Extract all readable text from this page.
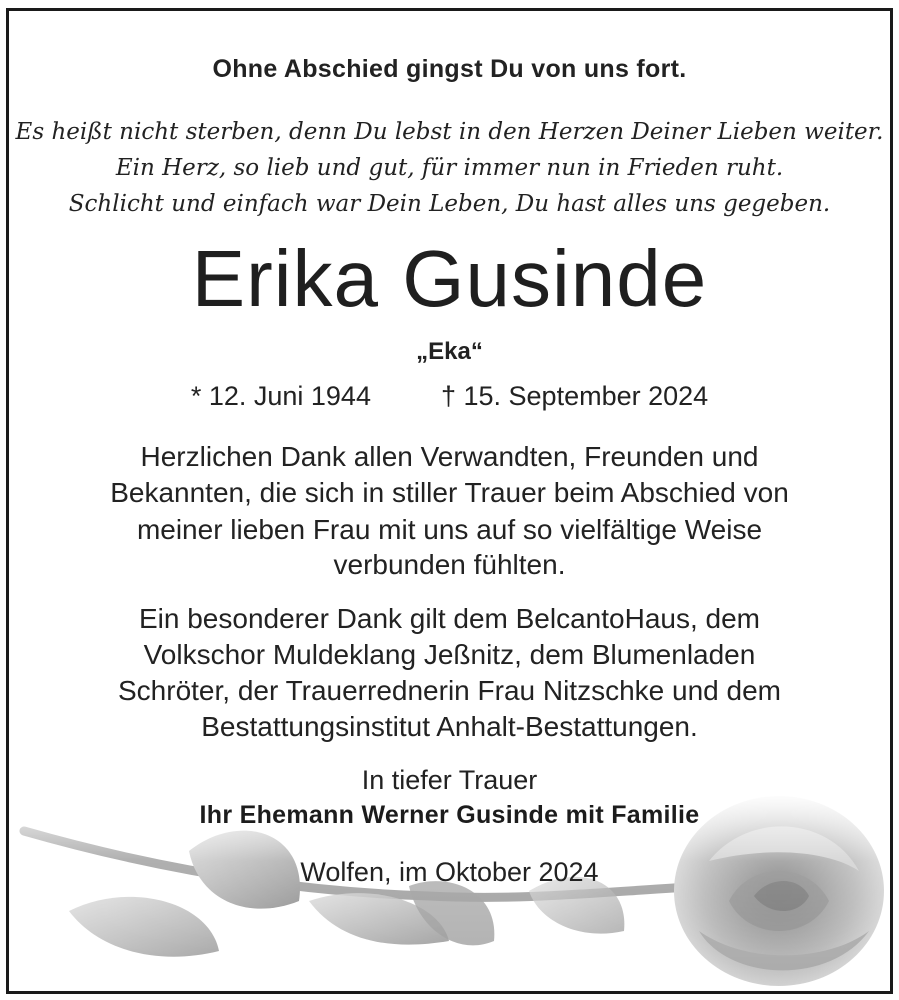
Ohne Abschied gingst Du von uns fort.
Es heißt nicht sterben, denn Du lebst in den Herzen Deiner Lieben weiter.
Ein Herz, so lieb und gut, für immer nun in Frieden ruht.
Schlicht und einfach war Dein Leben, Du hast alles uns gegeben.
Erika Gusinde
„Eka“
* 12. Juni 1944	† 15. September 2024
Herzlichen Dank allen Verwandten, Freunden und
Bekannten, die sich in stiller Trauer beim Abschied von
meiner lieben Frau mit uns auf so vielfältige Weise
verbunden fühlten.
Ein besonderer Dank gilt dem BelcantoHaus, dem
Volkschor Muldeklang Jeßnitz, dem Blumenladen
Schröter, der Trauerrednerin Frau Nitzschke und dem
Bestattungsinstitut Anhalt-Bestattungen.
In tiefer Trauer
Ihr Ehemann Werner Gusinde mit Familie
Wolfen, im Oktober 2024
